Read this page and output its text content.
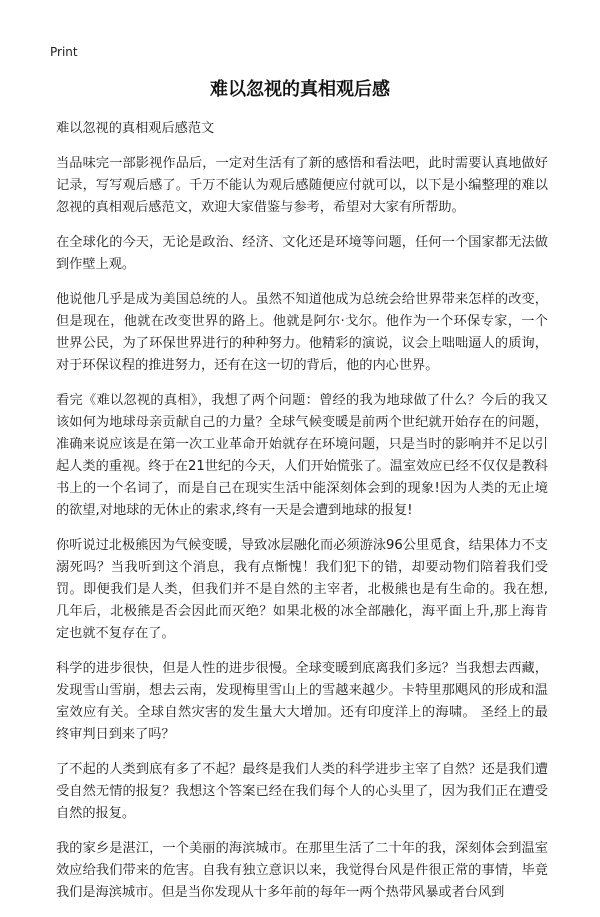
Print
难以忽视的真相观后感

难以忽视的真相观后感范文

当品味完一部影视作品后，一定对生活有了新的感悟和看法吧，此时需要认真地做好记录，写写观后感了。千万不能认为观后感随便应付就可以，以下是小编整理的难以忽视的真相观后感范文，欢迎大家借鉴与参考，希望对大家有所帮助。

在全球化的今天，无论是政治、经济、文化还是环境等问题，任何一个国家都无法做到作壁上观。

他说他几乎是成为美国总统的人。虽然不知道他成为总统会给世界带来怎样的改变，但是现在，他就在改变世界的路上。他就是阿尔·戈尔。他作为一个环保专家，一个世界公民，为了环保世界进行的种种努力。他精彩的演说，议会上咄咄逼人的质询，对于环保议程的推进努力，还有在这一切的背后，他的内心世界。

看完《难以忽视的真相》，我想了两个问题：曾经的我为地球做了什么？今后的我又该如何为地球母亲贡献自己的力量？全球气候变暖是前两个世纪就开始存在的问题，准确来说应该是在第一次工业革命开始就存在环境问题，只是当时的影响并不足以引起人类的重视。终于在21世纪的今天，人们开始慌张了。温室效应已经不仅仅是教科书上的一个名词了，而是自己在现实生活中能深刻体会到的现象!因为人类的无止境的欲望,对地球的无休止的索求,终有一天是会遭到地球的报复!

你听说过北极熊因为气候变暖，导致冰层融化而必须游泳96公里觅食，结果体力不支溺死吗？当我听到这个消息，我有点惭愧！我们犯下的错，却要动物们陪着我们受罚。即便我们是人类，但我们并不是自然的主宰者，北极熊也是有生命的。我在想,几年后，北极熊是否会因此而灭绝？如果北极的冰全部融化，海平面上升,那上海肯定也就不复存在了。

科学的进步很快，但是人性的进步很慢。全球变暖到底离我们多远？当我想去西藏，发现雪山雪崩，想去云南，发现梅里雪山上的雪越来越少。卡特里那飓风的形成和温室效应有关。全球自然灾害的发生量大大增加。还有印度洋上的海啸。 圣经上的最终审判日到来了吗？

了不起的人类到底有多了不起？最终是我们人类的科学进步主宰了自然？还是我们遭受自然无情的报复？我想这个答案已经在我们每个人的心头里了，因为我们正在遭受自然的报复。

我的家乡是湛江，一个美丽的海滨城市。在那里生活了二十年的我，深刻体会到温室效应给我们带来的危害。自我有独立意识以来，我觉得台风是件很正常的事情，毕竟我们是海滨城市。但是当你发现从十多年前的每年一两个热带风暴或者台风到
